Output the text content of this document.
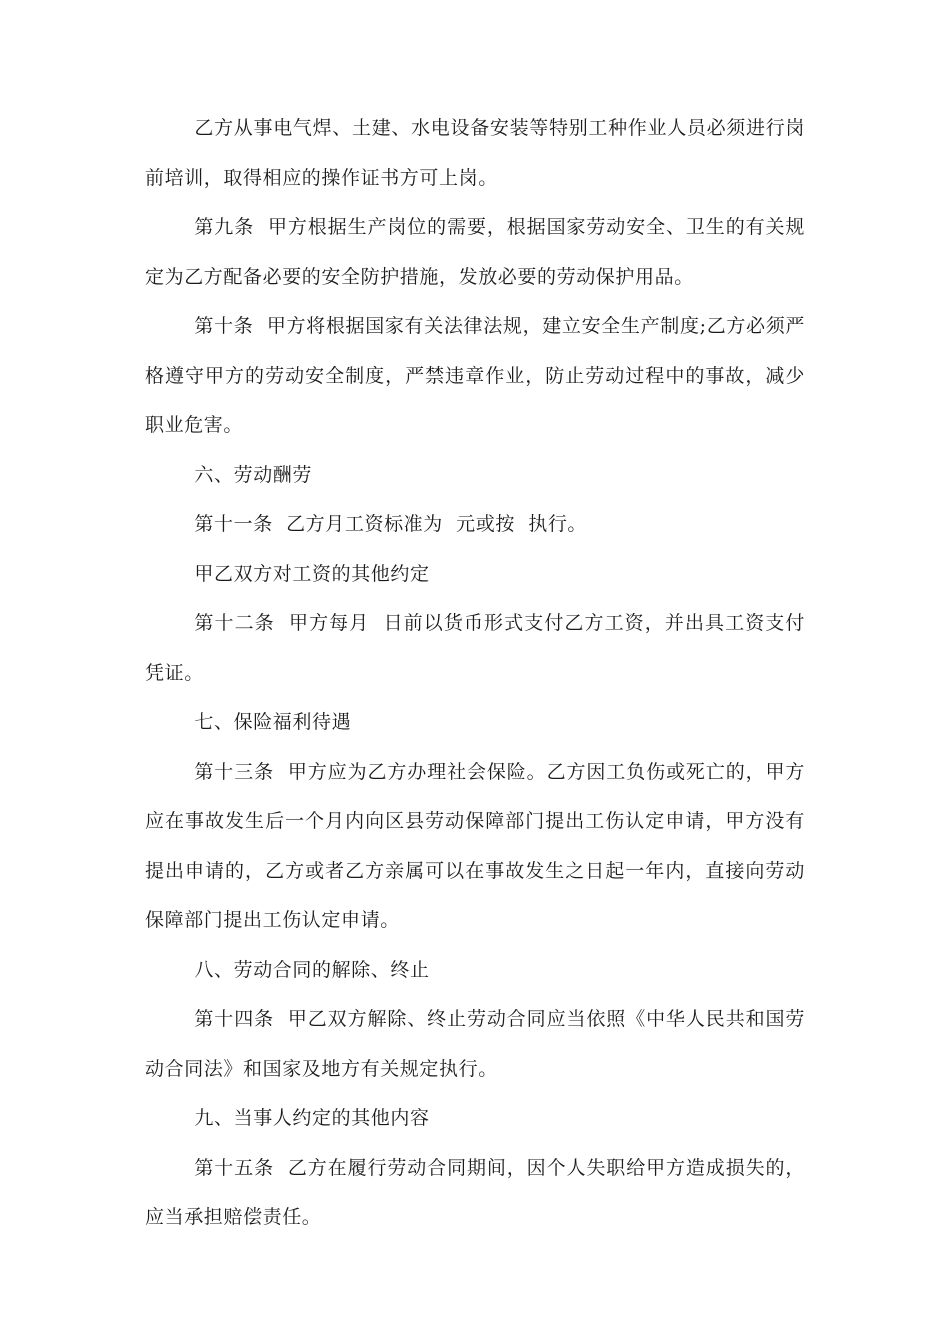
乙方从事电气焊、土建、水电设备安装等特别工种作业人员必须进行岗前培训，取得相应的操作证书方可上岗。

第九条  甲方根据生产岗位的需要，根据国家劳动安全、卫生的有关规定为乙方配备必要的安全防护措施，发放必要的劳动保护用品。

第十条  甲方将根据国家有关法律法规，建立安全生产制度;乙方必须严格遵守甲方的劳动安全制度，严禁违章作业，防止劳动过程中的事故，减少职业危害。

六、劳动酬劳

第十一条  乙方月工资标准为  元或按  执行。

甲乙双方对工资的其他约定

第十二条  甲方每月  日前以货币形式支付乙方工资，并出具工资支付凭证。

七、保险福利待遇

第十三条  甲方应为乙方办理社会保险。乙方因工负伤或死亡的，甲方应在事故发生后一个月内向区县劳动保障部门提出工伤认定申请，甲方没有提出申请的，乙方或者乙方亲属可以在事故发生之日起一年内，直接向劳动保障部门提出工伤认定申请。

八、劳动合同的解除、终止

第十四条  甲乙双方解除、终止劳动合同应当依照《中华人民共和国劳动合同法》和国家及地方有关规定执行。

九、当事人约定的其他内容

第十五条  乙方在履行劳动合同期间，因个人失职给甲方造成损失的，应当承担赔偿责任。
